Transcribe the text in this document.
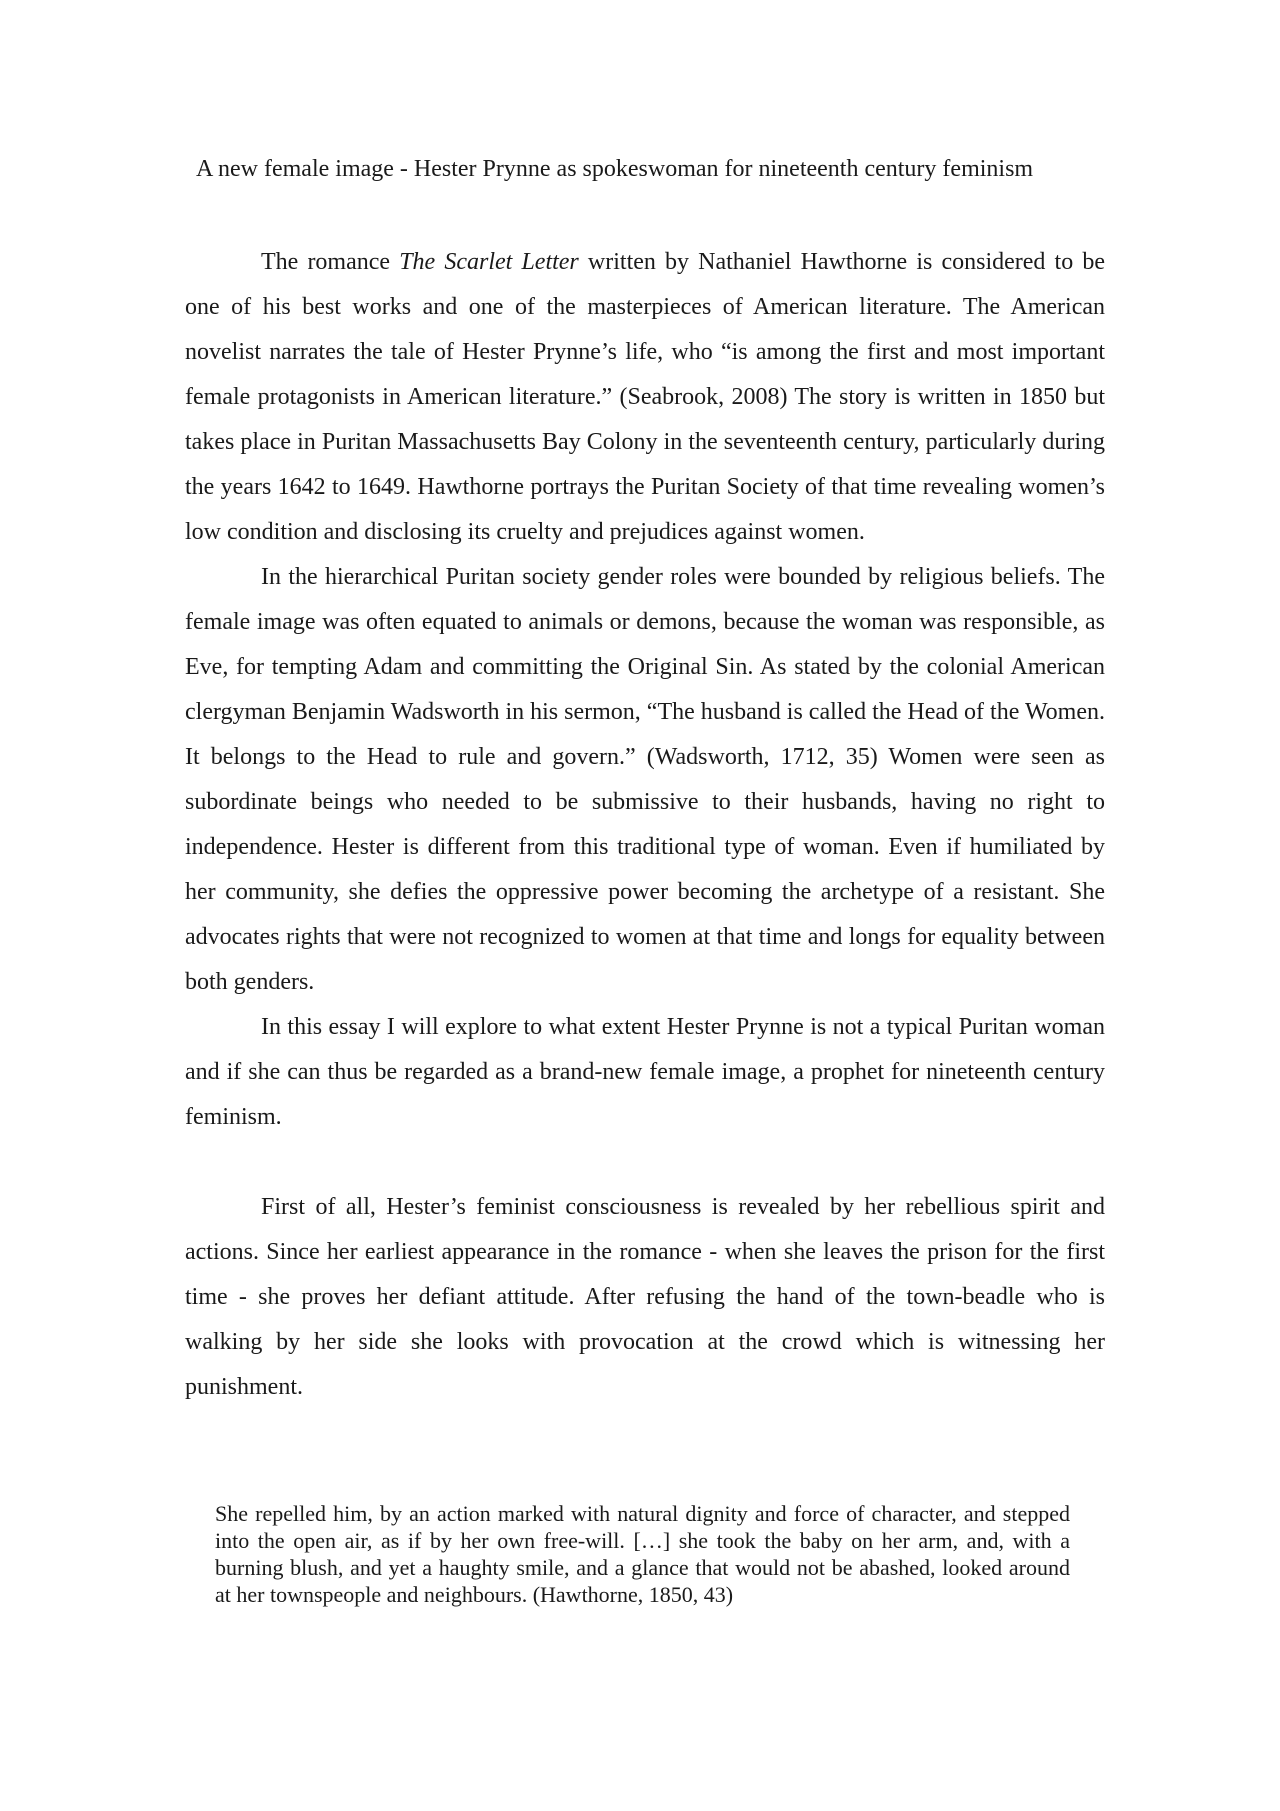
A new female image - Hester Prynne as spokeswoman for nineteenth century feminism

The romance The Scarlet Letter written by Nathaniel Hawthorne is considered to be one of his best works and one of the masterpieces of American literature. The American novelist narrates the tale of Hester Prynne’s life, who “is among the first and most important female protagonists in American literature.” (Seabrook, 2008) The story is written in 1850 but takes place in Puritan Massachusetts Bay Colony in the seventeenth century, particularly during the years 1642 to 1649. Hawthorne portrays the Puritan Society of that time revealing women’s low condition and disclosing its cruelty and prejudices against women.

In the hierarchical Puritan society gender roles were bounded by religious beliefs. The female image was often equated to animals or demons, because the woman was responsible, as Eve, for tempting Adam and committing the Original Sin. As stated by the colonial American clergyman Benjamin Wadsworth in his sermon, “The husband is called the Head of the Women. It belongs to the Head to rule and govern.” (Wadsworth, 1712, 35) Women were seen as subordinate beings who needed to be submissive to their husbands, having no right to independence. Hester is different from this traditional type of woman. Even if humiliated by her community, she defies the oppressive power becoming the archetype of a resistant. She advocates rights that were not recognized to women at that time and longs for equality between both genders.

In this essay I will explore to what extent Hester Prynne is not a typical Puritan woman and if she can thus be regarded as a brand-new female image, a prophet for nineteenth century feminism.

First of all, Hester’s feminist consciousness is revealed by her rebellious spirit and actions. Since her earliest appearance in the romance - when she leaves the prison for the first time - she proves her defiant attitude. After refusing the hand of the town-beadle who is walking by her side she looks with provocation at the crowd which is witnessing her punishment.

She repelled him, by an action marked with natural dignity and force of character, and stepped into the open air, as if by her own free-will. […] she took the baby on her arm, and, with a burning blush, and yet a haughty smile, and a glance that would not be abashed, looked around at her townspeople and neighbours. (Hawthorne, 1850, 43)
